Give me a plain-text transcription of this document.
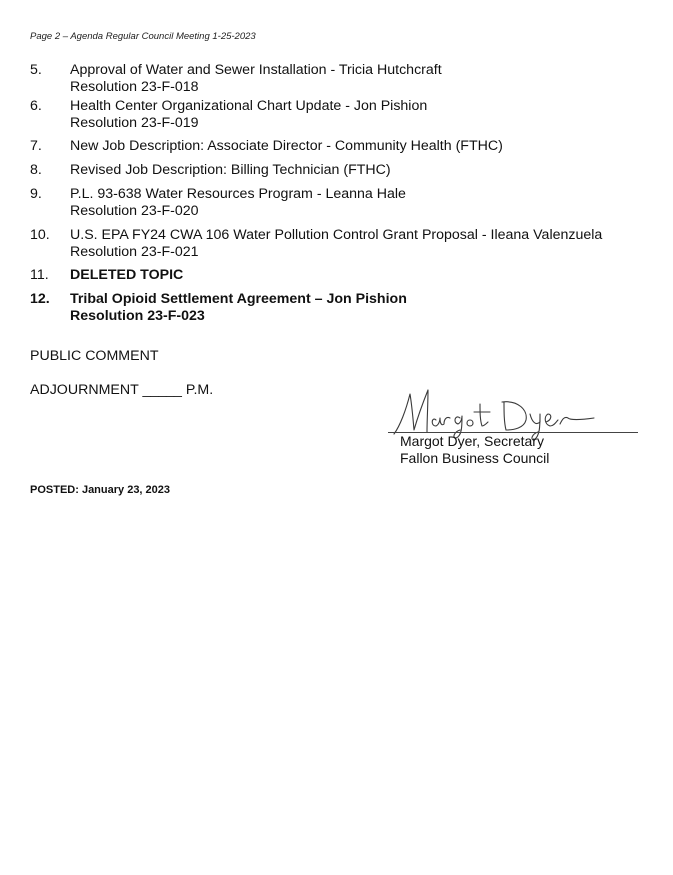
Page 2 – Agenda Regular Council Meeting 1-25-2023
5.	Approval of Water and Sewer Installation - Tricia Hutchcraft
Resolution 23-F-018
6.	Health Center Organizational Chart Update - Jon Pishion
Resolution 23-F-019
7.	New Job Description: Associate Director - Community Health (FTHC)
8.	Revised Job Description: Billing Technician (FTHC)
9.	P.L. 93-638 Water Resources Program - Leanna Hale
Resolution 23-F-020
10.	U.S. EPA FY24 CWA 106 Water Pollution Control Grant Proposal - Ileana Valenzuela
Resolution 23-F-021
11.	DELETED TOPIC
12.	Tribal Opioid Settlement Agreement – Jon Pishion
Resolution 23-F-023
PUBLIC COMMENT
ADJOURNMENT _____ P.M.
Margot Dyer, Secretary
Fallon Business Council
POSTED: January 23, 2023
